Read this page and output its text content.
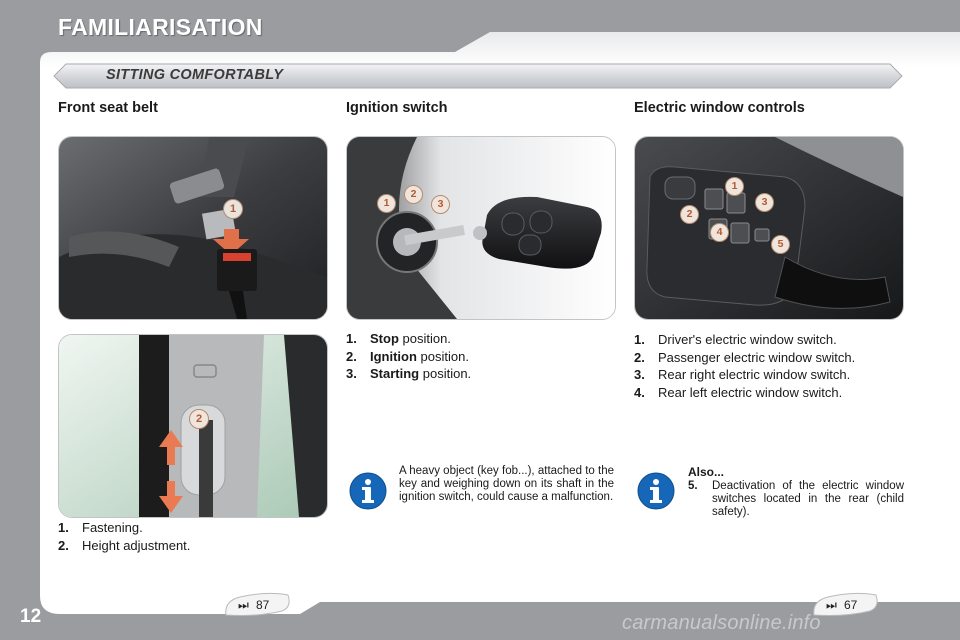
FAMILIARISATION
SITTING COMFORTABLY
Front seat belt	Ignition switch	Electric window controls
1
2
1
2
3
1
2
3
4
5
1.	Stop position.
2.	Ignition position.
3.	Starting position.
1.	Driver's electric window switch.
2.	Passenger electric window switch.
3.	Rear right electric window switch.
4.	Rear left electric window switch.
1.	Fastening.
2.	Height adjustment.
A heavy object (key fob...), attached to the key and weighing down on its shaft in the ignition switch, could cause a malfunction.
Also...
5.	Deactivation of the electric window switches located in the rear (child safety).
⏭ 87	⏭ 67
12	carmanualsonline.info
